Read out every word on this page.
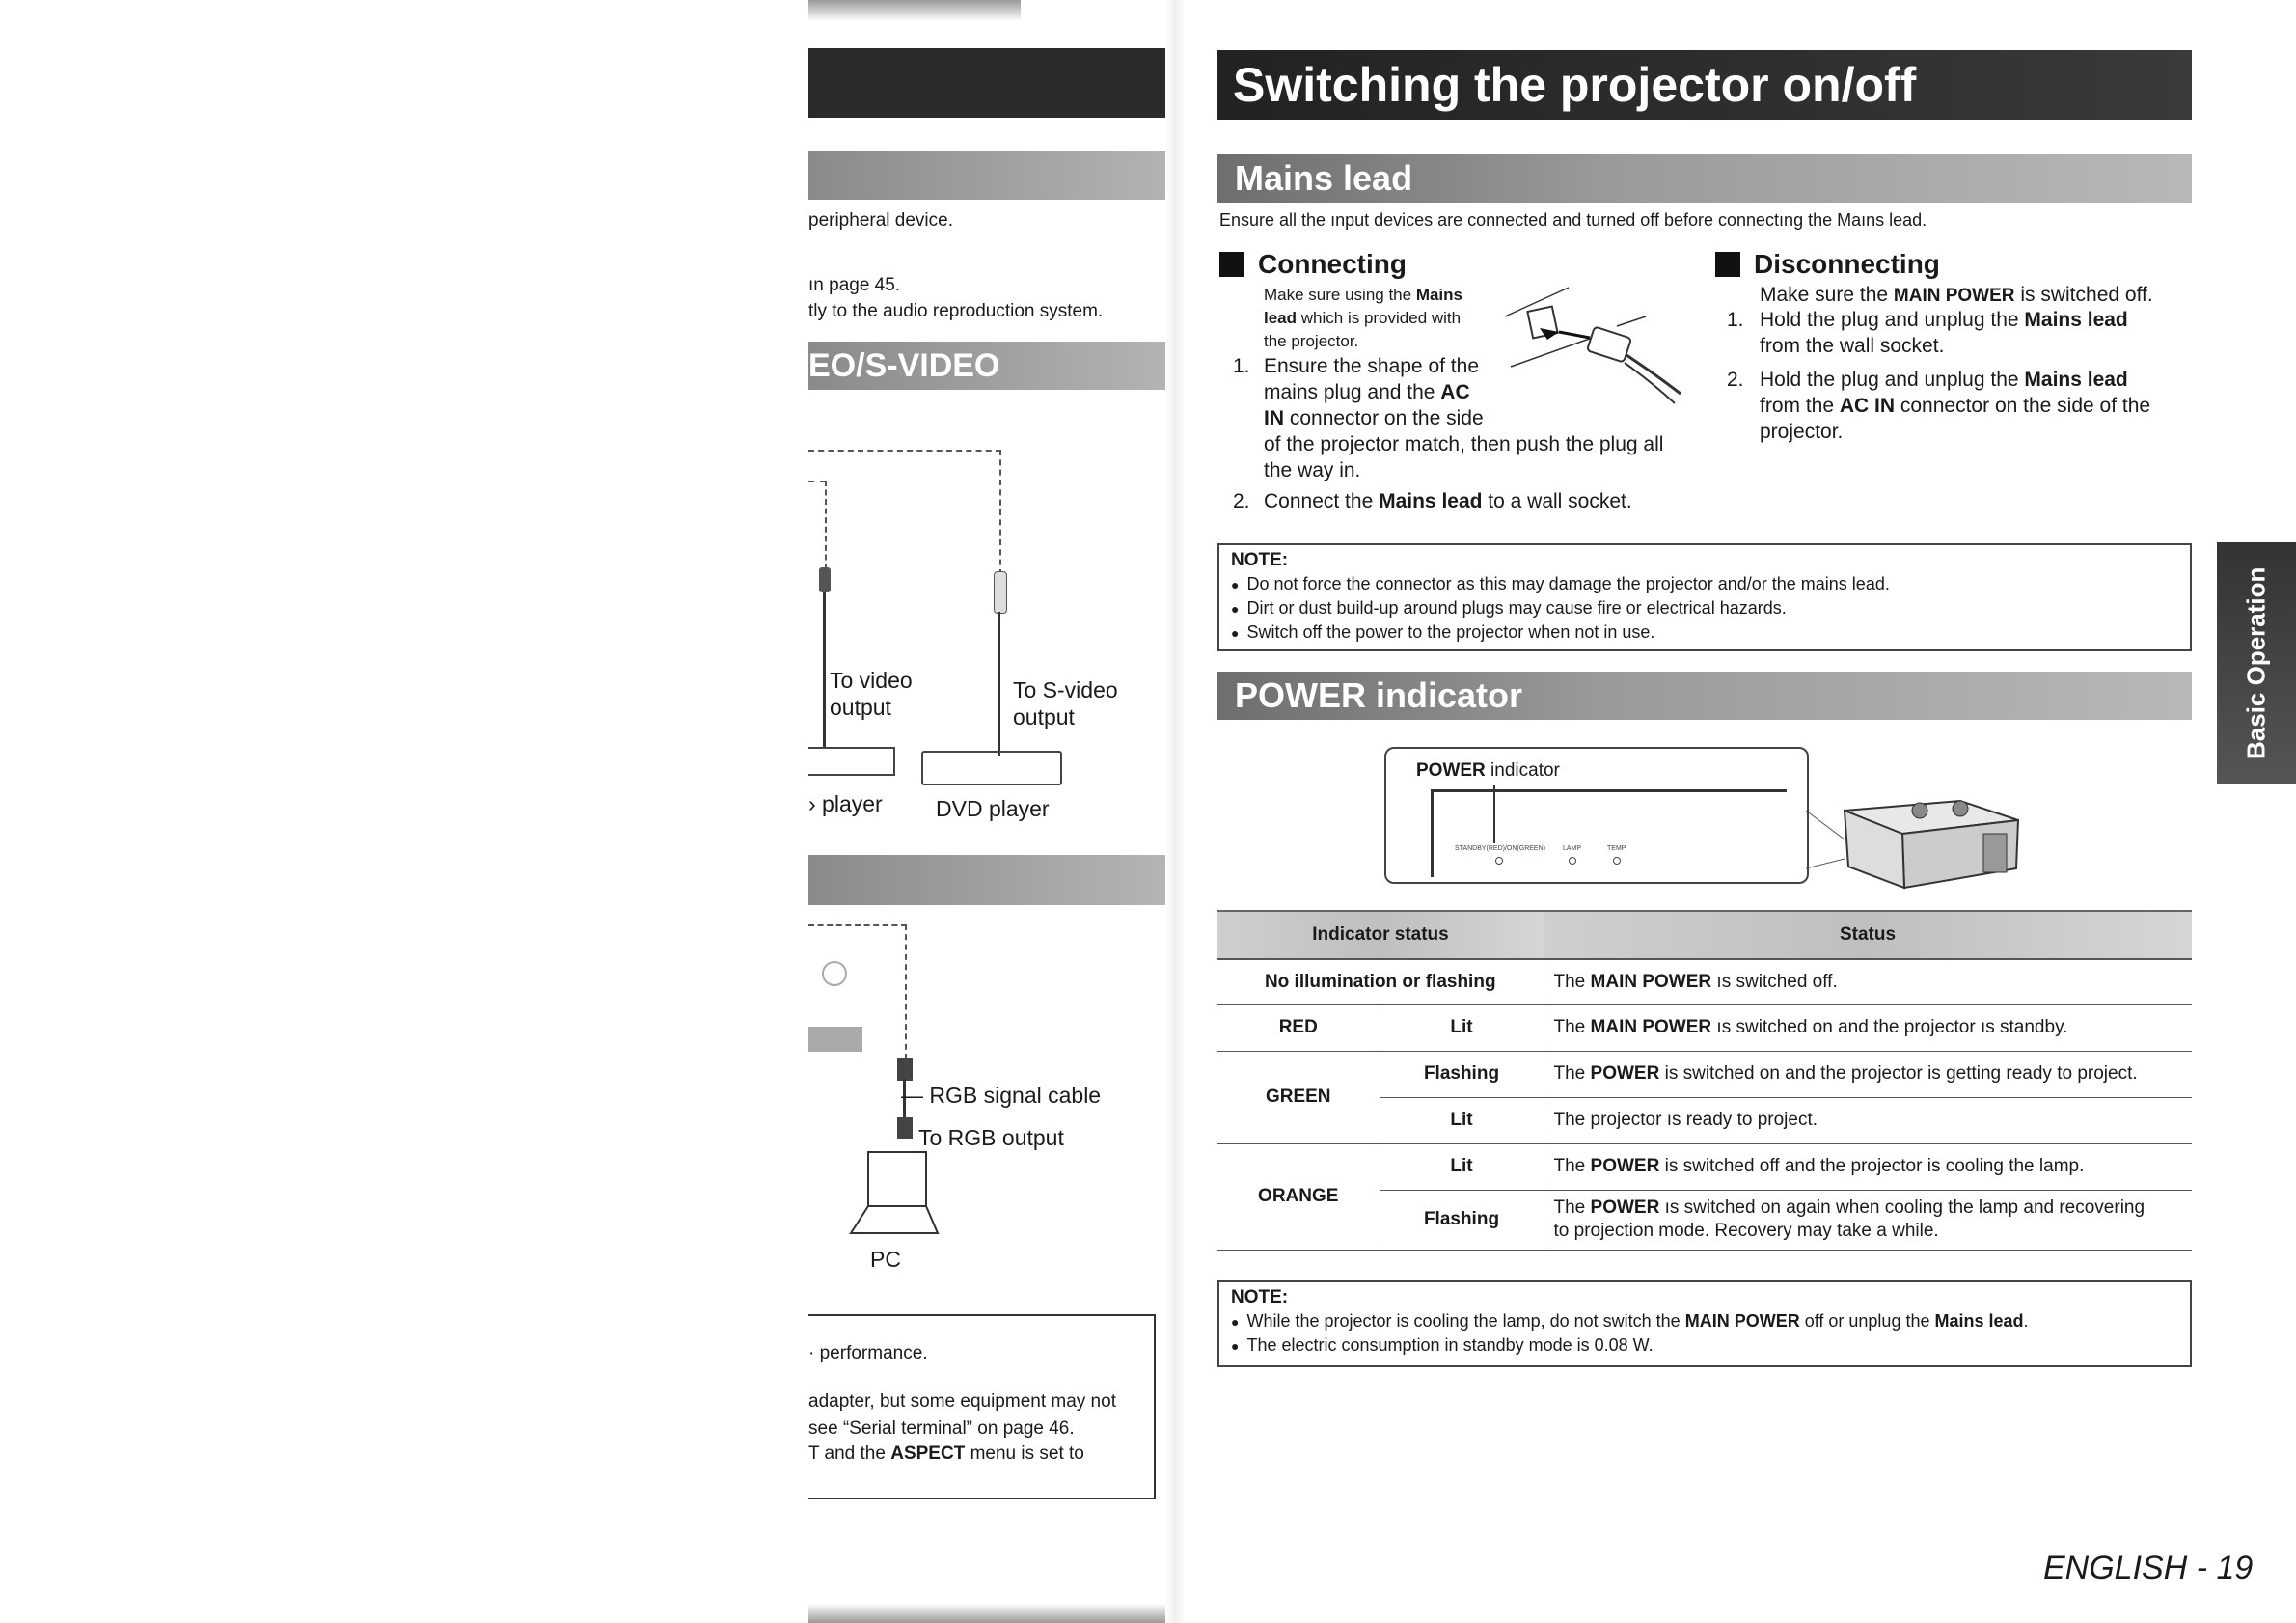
peripheral device.
ın page 45.
tly to the audio reproduction system.
EO/S-VIDEO
To video
output
To S-video
output
› player DVD player
— RGB signal cable
To RGB output
PC
· performance.
adapter, but some equipment may not
see “Serial terminal” on page 46.
T and the ASPECT menu is set to
Switching the projector on/off
Mains lead
Ensure all the ınput devices are connected and turned off before connectıng the Maıns lead.
Connecting
Make sure using the Mains
lead which is provided with
the projector.
1. Ensure the shape of the
mains plug and the AC
IN connector on the side
of the projector match, then push the plug all
the way in.
2. Connect the Mains lead to a wall socket.
Disconnecting
Make sure the MAIN POWER is switched off.
1. Hold the plug and unplug the Mains lead
from the wall socket.
2. Hold the plug and unplug the Mains lead
from the AC IN connector on the side of the
projector.
NOTE:
● Do not force the connector as this may damage the projector and/or the mains lead.
● Dirt or dust build-up around plugs may cause fire or electrical hazards.
● Switch off the power to the projector when not in use.
POWER indicator
POWER indicator
STANDBY(RED)/ON(GREEN)	LAMP	TEMP
Indicator status		Status
No illumination or flashing		The MAIN POWER ıs switched off.
RED	Lit	The MAIN POWER ıs switched on and the projector ıs standby.
GREEN	Flashing	The POWER is switched on and the projector is getting ready to project.
	Lit	The projector ıs ready to project.
ORANGE	Lit	The POWER is switched off and the projector is cooling the lamp.
	Flashing	The POWER ıs switched on again when cooling the lamp and recovering
to projection mode. Recovery may take a while.
NOTE:
● While the projector is cooling the lamp, do not switch the MAIN POWER off or unplug the Mains lead.
● The electric consumption in standby mode is 0.08 W.
Basic Operation
ENGLISH - 19
